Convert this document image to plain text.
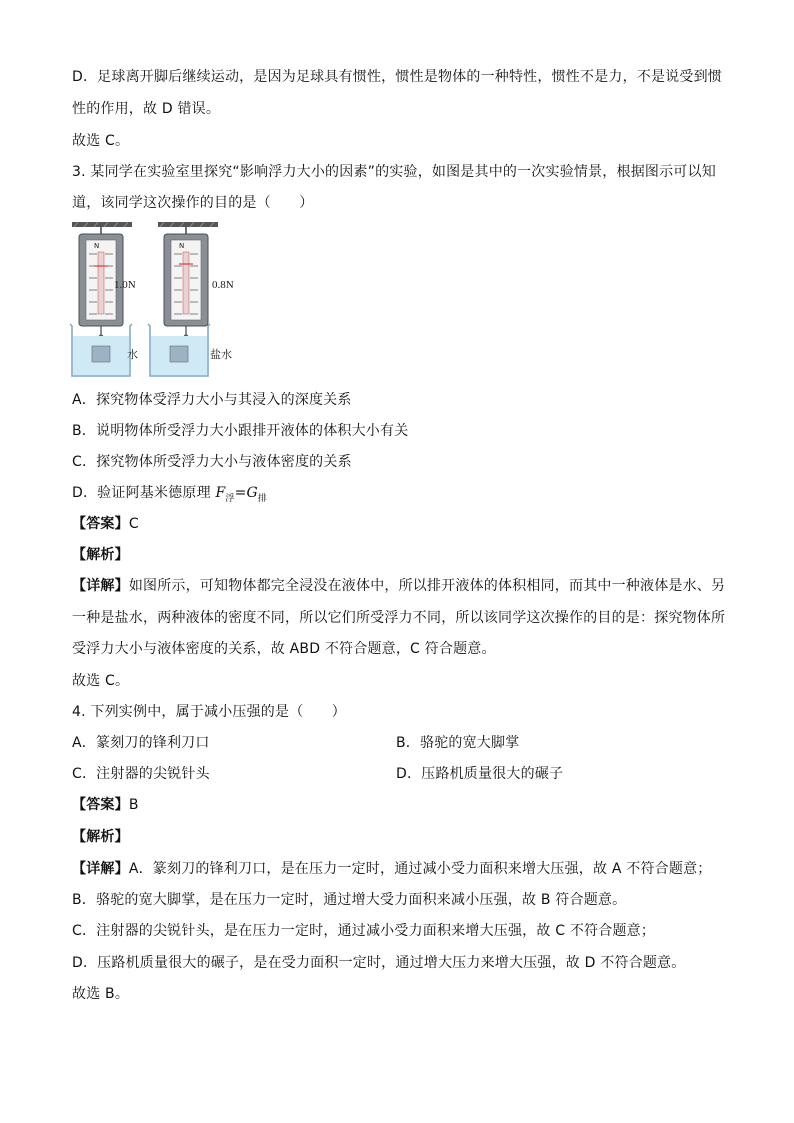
D．足球离开脚后继续运动，是因为足球具有惯性，惯性是物体的一种特性，惯性不是力，不是说受到惯
性的作用，故 D 错误。
故选 C。
3. 某同学在实验室里探究“影响浮力大小的因素”的实验，如图是其中的一次实验情景，根据图示可以知
道，该同学这次操作的目的是（　　）
N
1.0N
水
N
0.8N
盐水
A．探究物体受浮力大小与其浸入的深度关系
B．说明物体所受浮力大小跟排开液体的体积大小有关
C．探究物体所受浮力大小与液体密度的关系
D．验证阿基米德原理 $F_浮=G_排$
【答案】C
【解析】
【详解】如图所示，可知物体都完全浸没在液体中，所以排开液体的体积相同，而其中一种液体是水、另
一种是盐水，两种液体的密度不同，所以它们所受浮力不同，所以该同学这次操作的目的是：探究物体所
受浮力大小与液体密度的关系，故 ABD 不符合题意，C 符合题意。
故选 C。
4. 下列实例中，属于减小压强的是（　　）
A．篆刻刀的锋利刀口	B．骆驼的宽大脚掌
C．注射器的尖锐针头	D．压路机质量很大的碾子
【答案】B
【解析】
【详解】A．篆刻刀的锋利刀口，是在压力一定时，通过减小受力面积来增大压强，故 A 不符合题意；
B．骆驼的宽大脚掌，是在压力一定时，通过增大受力面积来减小压强，故 B 符合题意。
C．注射器的尖锐针头，是在压力一定时，通过减小受力面积来增大压强，故 C 不符合题意；
D．压路机质量很大的碾子，是在受力面积一定时，通过增大压力来增大压强，故 D 不符合题意。
故选 B。
